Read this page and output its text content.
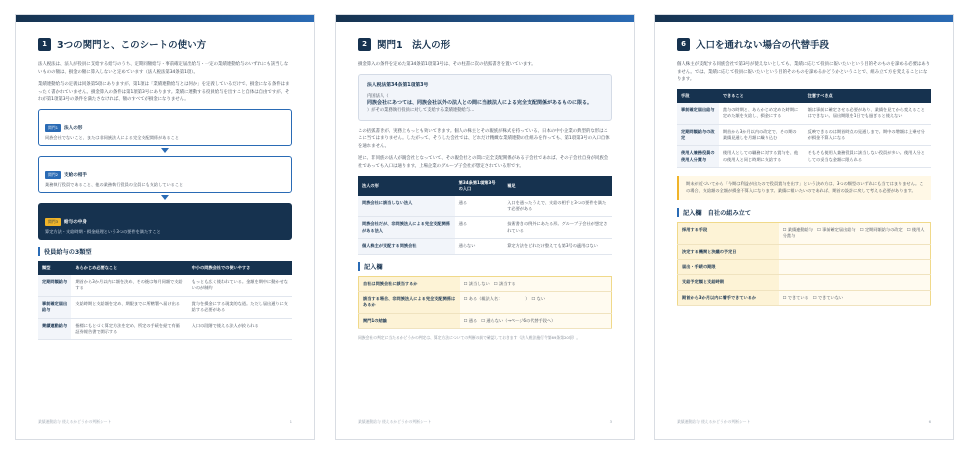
1	3つの関門と、このシートの使い方

法人税法は、法人が役員に支給する給与のうち、定期同額給与・事前確定届出給与・一定の業績連動給与のいずれにも該当しないものの額は、損金の額に算入しないと定めています（法人税法第34条第1項）。

業績連動給与の定義は同条第5項にありますが、第1項は「業績連動給与とは何か」を定義しているだけで、損金になる条件はまったく書かれていません。損金算入の条件は第1項第3号にあります。業績に連動する役員給与を出すこと自体は自由ですが、それが第1項第3号の条件を満たさなければ、額のすべてが損金になりません。

関門1 法人の形
同族会社でないこと、または非同族法人による完全支配関係があること
関門2 支給の相手
業務執行役員であること、他の業務執行役員の全員にも支給していること
関門3 給与の中身
算定方法・支給時期・損金経理という3つの要件を満たすこと
役員給与の3類型
類型	あらかじめ必要なこと	中小の同族会社での使いやすさ
定期同額給与	期首から3か月以内に額を決め、その後は毎月同額で支給する	もっとも広く使われている。金額を期中に動かせないのが制約
事前確定届出給与	支給時期と支給額を定め、期限までに所轄署へ届け出る	賞与を損金にする現実的な道。ただし届出通りに支給する必要がある
業績連動給与	指標にもとづく算定方法を定め、所定の手続を経て有価証券報告書で開示する	入口の段階で使える法人が絞られる
業績連動給与 使えるかどうかの判断シート	1
2	関門1　法人の形

損金算入の条件を定めた第34条第1項第3号は、その柱書に次の括弧書きを置いています。

法人税法第34条第1項第3号
内国法人（
同族会社にあつては、同族会社以外の法人との間に当該法人による完全支配関係があるものに限る。
）がその業務執行役員に対して支給する業績連動給与…

この括弧書きが、実務上もっとも効いてきます。個人の株主とその親族が株式を持っている、日本の中小企業の典型的な形はここに当てはまりません。したがって、そうした会社では、どれだけ精緻な業績連動の仕組みを作っても、第1項第3号の入口自体を通れません。

逆に、非同族の法人が親会社となっていて、その親会社との間に完全支配関係がある子会社であれば、その子会社自身が同族会社であっても入口は通ります。上場企業のグループ子会社が想定されている形です。

法人の形	第34条第1項第3号の入口	補足
同族会社に該当しない法人	通る	入口を通ったうえで、支給の相手と3つの要件を満たす必要がある
同族会社だが、非同族法人による完全支配関係がある法人	通る	技術書きの例外にあたる形。グループ子会社が想定されている
個人株主が支配する同族会社	通らない	算定方法をどれだけ整えても第3号の適用はない
記入欄
自社は同族会社に該当するか	☐ 該当しない　☐ 該当する
該当する場合、非同族法人による完全支配関係はあるか	☐ ある（親法人名：　　　　　　）　☐ ない
関門1の結論	☐ 通る　☐ 通らない（→ページ6の代替手段へ）

同族会社の判定に当たるかどうかの判定は、算定方法についての判断の前で確認しておきます（法人税法施行令第69条第20項）。

業績連動給与 使えるかどうかの判断シート	3
6	入口を通れない場合の代替手段

個人株主が支配する同族会社で第3号が使えないとしても、業績に応じて役員に報いたいという目的そのものを諦める必要はありません。では、業績に応じて役員に報いたいという目的そのものを諦めるかどうかということで、組み立て方を変えることになります。

手段	できること	注意すべき点
事前確定届出給与	賞与の時期と、あらかじめ定めた時期に定めた額を支給し、損金にする	額は事前に確定させる必要があり、業績を見てから変えることはできない。届出期限を1日でも過ぎると使えない
定期同額給与の改定	期首から3か月以内の改定で、その期の業績見通しを月額に織り込む	反映できるのは期首時点の見通しまで。期中の増額は上乗せ分が損金不算入になる
使用人兼務役員の使用人分賞与	使用人としての職務に対する賞与を、他の使用人と同じ時期に支給する	そもそも使用人兼務役員に該当しない役員が多い。使用人分としての妥当な金額に限られる
期末が近づいてから「今期は利益が出たので役員賞与を出す」という決め方は、3つの類型のいずれにも当てはまりません。この場合、支給額の全額が損金不算入になります。業績に報いたいのであれば、期首の設計に戻して考える必要があります。
記入欄　自社の組み立て
採用する手段	☐ 業績連動給与　☐ 事前確定届出給与　☐ 定期同額給与の改定　☐ 使用人分賞与
決定する機関と決議の予定日	
届出・手続の期限	
支給予定額と支給時期	
期首から3か月以内に着手できているか	☐ できている　☐ できていない
業績連動給与 使えるかどうかの判断シート	6
